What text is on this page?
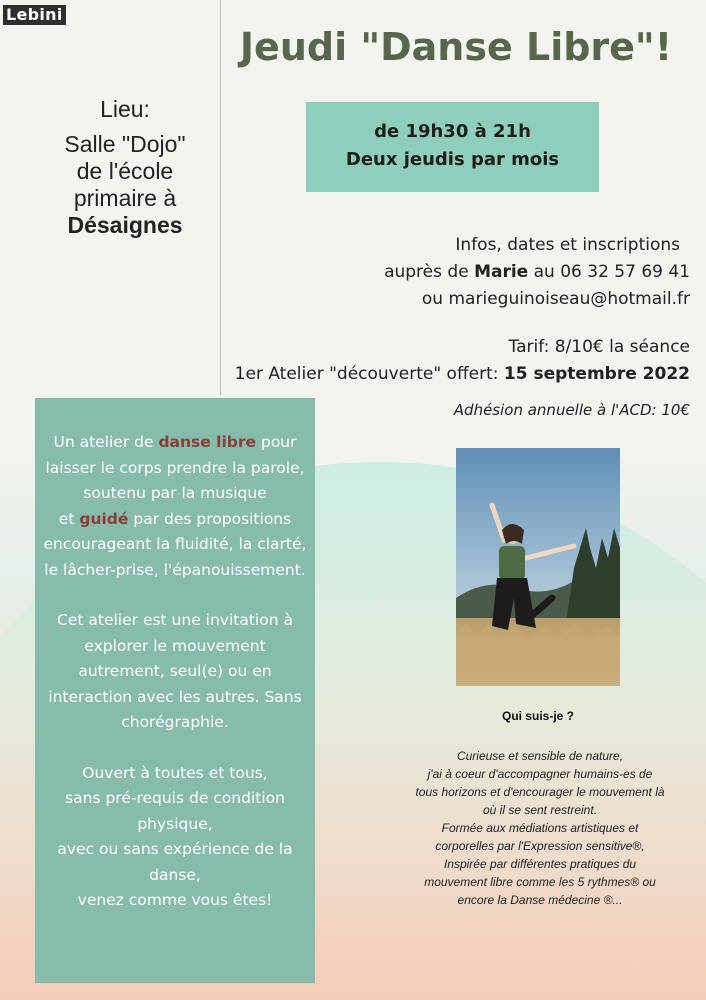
Lebini
Jeudi "Danse Libre"!
Lieu:
Salle "Dojo"
de l'école
primaire à
Désaignes
de 19h30 à 21h
Deux jeudis par mois
Infos, dates et inscriptions
auprès de Marie au 06 32 57 69 41
ou marieguinoiseau@hotmail.fr
Tarif: 8/10€ la séance
1er Atelier "découverte" offert: 15 septembre 2022
Adhésion annuelle à l'ACD: 10€

Un atelier de danse libre pour laisser le corps prendre la parole,
soutenu par la musique
et guidé par des propositions encourageant la fluidité, la clarté, le lâcher-prise, l'épanouissement.

Cet atelier est une invitation à explorer le mouvement autrement, seul(e) ou en interaction avec les autres. Sans chorégraphie.

Ouvert à toutes et tous,
sans pré-requis de condition physique,
avec ou sans expérience de la danse,
venez comme vous êtes!

Qui suis-je ?
Curieuse et sensible de nature,
j'ai à coeur d'accompagner humains-es de
tous horizons et d'encourager le mouvement là
où il se sent restreint.
Formée aux médiations artistiques et
corporelles par l'Expression sensitive®,
Inspirée par différentes pratiques du
mouvement libre comme les 5 rythmes® ou
encore la Danse médecine ®...
